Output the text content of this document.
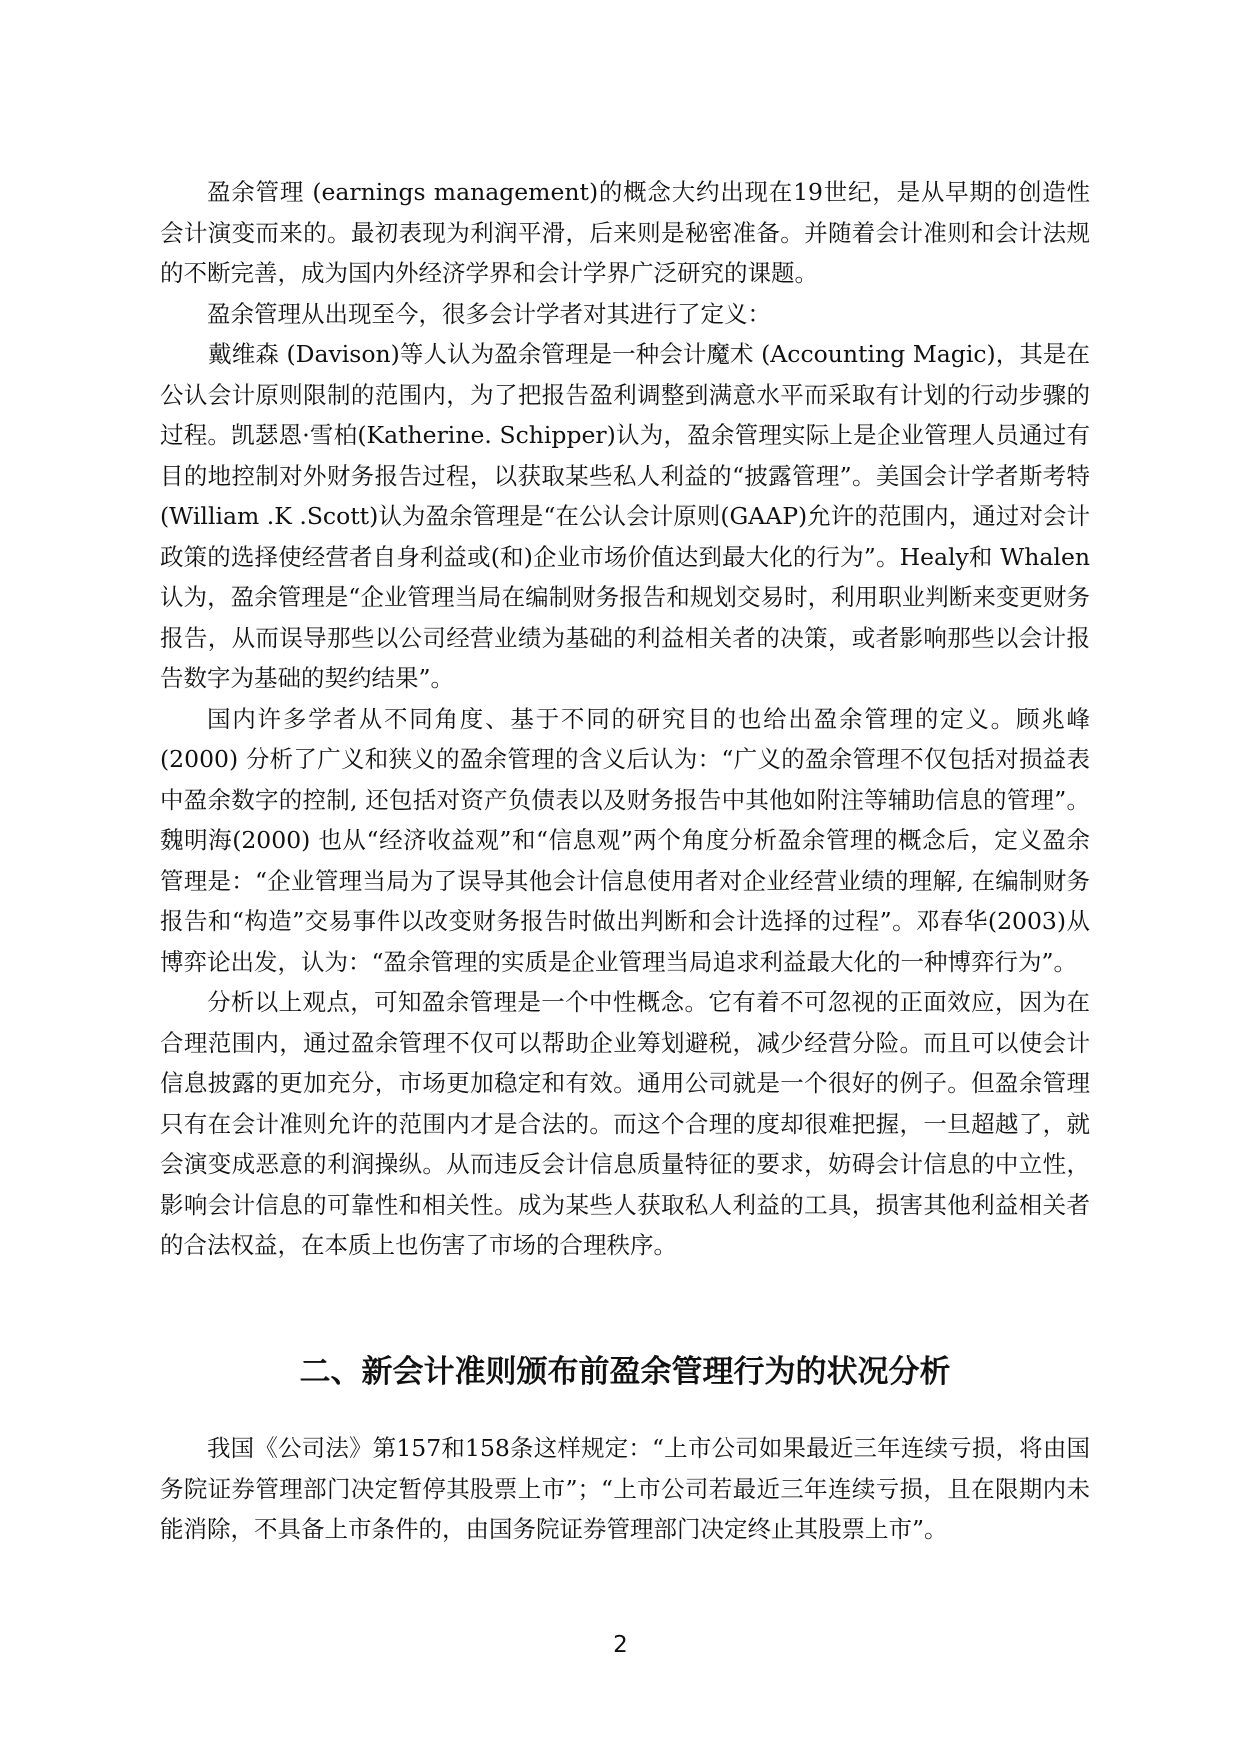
盈余管理 (earnings management)的概念大约出现在19世纪，是从早期的创造性会计演变而来的。最初表现为利润平滑，后来则是秘密准备。并随着会计准则和会计法规的不断完善，成为国内外经济学界和会计学界广泛研究的课题。

盈余管理从出现至今，很多会计学者对其进行了定义：

戴维森 (Davison)等人认为盈余管理是一种会计魔术 (Accounting Magic)，其是在公认会计原则限制的范围内，为了把报告盈利调整到满意水平而采取有计划的行动步骤的过程。凯瑟恩·雪柏(Katherine. Schipper)认为，盈余管理实际上是企业管理人员通过有目的地控制对外财务报告过程，以获取某些私人利益的“披露管理”。美国会计学者斯考特(William .K .Scott)认为盈余管理是“在公认会计原则(GAAP)允许的范围内，通过对会计政策的选择使经营者自身利益或(和)企业市场价值达到最大化的行为”。Healy和 Whalen认为，盈余管理是“企业管理当局在编制财务报告和规划交易时，利用职业判断来变更财务报告，从而误导那些以公司经营业绩为基础的利益相关者的决策，或者影响那些以会计报告数字为基础的契约结果”。

国内许多学者从不同角度、基于不同的研究目的也给出盈余管理的定义。顾兆峰(2000) 分析了广义和狭义的盈余管理的含义后认为：“广义的盈余管理不仅包括对损益表中盈余数字的控制, 还包括对资产负债表以及财务报告中其他如附注等辅助信息的管理”。魏明海(2000) 也从“经济收益观”和“信息观”两个角度分析盈余管理的概念后，定义盈余管理是：“企业管理当局为了误导其他会计信息使用者对企业经营业绩的理解, 在编制财务报告和“构造”交易事件以改变财务报告时做出判断和会计选择的过程”。邓春华(2003)从博弈论出发，认为：“盈余管理的实质是企业管理当局追求利益最大化的一种博弈行为”。

分析以上观点，可知盈余管理是一个中性概念。它有着不可忽视的正面效应，因为在合理范围内，通过盈余管理不仅可以帮助企业筹划避税，减少经营分险。而且可以使会计信息披露的更加充分，市场更加稳定和有效。通用公司就是一个很好的例子。但盈余管理只有在会计准则允许的范围内才是合法的。而这个合理的度却很难把握，一旦超越了，就会演变成恶意的利润操纵。从而违反会计信息质量特征的要求，妨碍会计信息的中立性，影响会计信息的可靠性和相关性。成为某些人获取私人利益的工具，损害其他利益相关者的合法权益，在本质上也伤害了市场的合理秩序。

二、新会计准则颁布前盈余管理行为的状况分析

我国《公司法》第157和158条这样规定：“上市公司如果最近三年连续亏损，将由国务院证券管理部门决定暂停其股票上市”；“上市公司若最近三年连续亏损，且在限期内未能消除，不具备上市条件的，由国务院证券管理部门决定终止其股票上市”。

2
